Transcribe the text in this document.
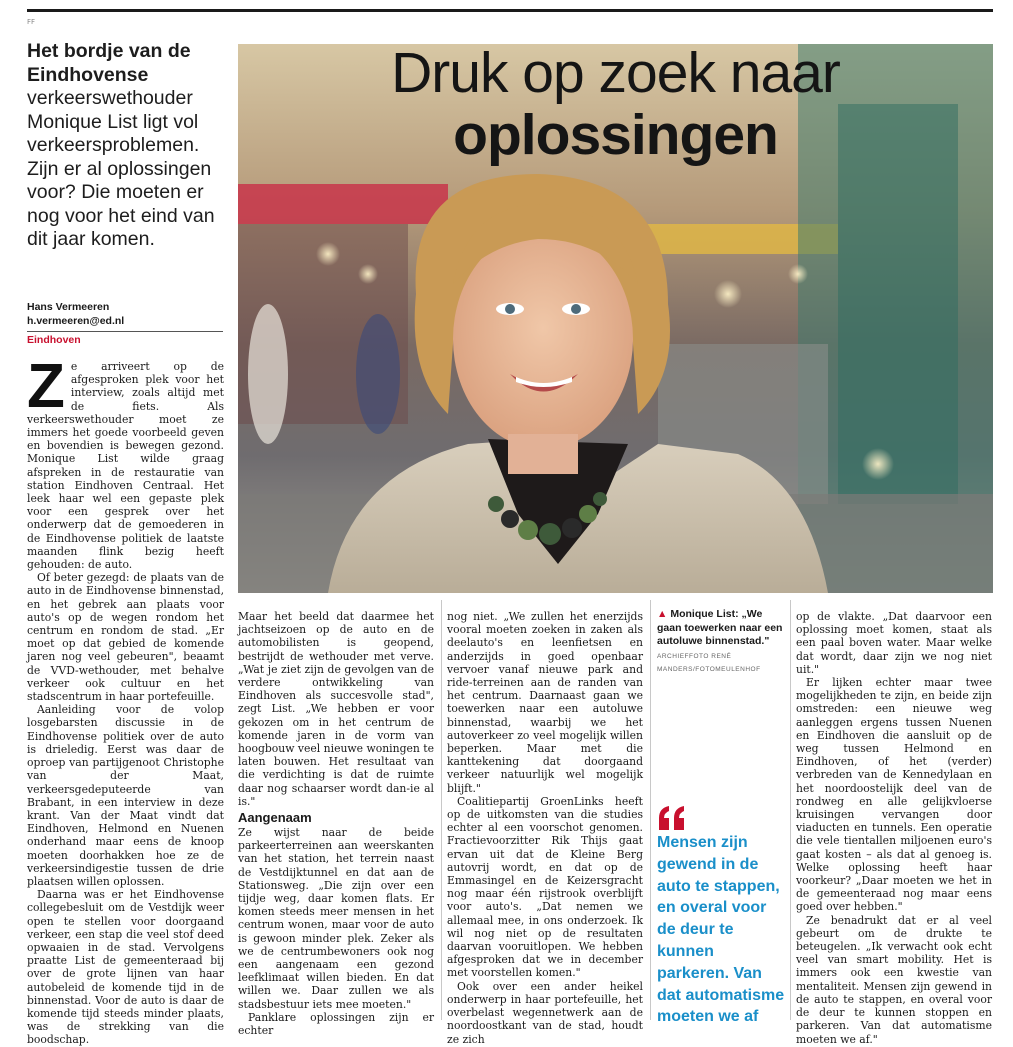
FF
Het bordje van de Eindhovense verkeerswethouder Monique List ligt vol verkeersproblemen. Zijn er al oplossingen voor? Die moeten er nog voor het eind van dit jaar komen.
Hans Vermeeren
h.vermeeren@ed.nl
Eindhoven

Ze arriveert op de afgesproken plek voor het interview, zoals altijd met de fiets. Als verkeerswethouder moet ze immers het goede voorbeeld geven en bovendien is bewegen gezond. Monique List wilde graag afspreken in de restauratie van station Eindhoven Centraal. Het leek haar wel een gepaste plek voor een gesprek over het onderwerp dat de gemoederen in de Eindhovense politiek de laatste maanden flink bezig heeft gehouden: de auto.

Of beter gezegd: de plaats van de auto in de Eindhovense binnenstad, en het gebrek aan plaats voor auto's op de wegen rondom het centrum en rondom de stad. „Er moet op dat gebied de komende jaren nog veel gebeuren", beaamt de VVD-wethouder, met behalve verkeer ook cultuur en het stadscentrum in haar portefeuille.

Aanleiding voor de volop losgebarsten discussie in de Eindhovense politiek over de auto is drieledig. Eerst was daar de oproep van partijgenoot Christophe van der Maat, verkeersgedeputeerde van Brabant, in een interview in deze krant. Van der Maat vindt dat Eindhoven, Helmond en Nuenen onderhand maar eens de knoop moeten doorhakken hoe ze de verkeersindigestie tussen de drie plaatsen willen oplossen.

Daarna was er het Eindhovense collegebesluit om de Vestdijk weer open te stellen voor doorgaand verkeer, een stap die veel stof deed opwaaien in de stad. Vervolgens praatte List de gemeenteraad bij over de grote lijnen van haar autobeleid de komende tijd in de binnenstad. Voor de auto is daar de komende tijd steeds minder plaats, was de strekking van die boodschap.

Druk op zoek naar
oplossingen

Maar het beeld dat daarmee het jachtseizoen op de auto en de automobilisten is geopend, bestrijdt de wethouder met verve. „Wat je ziet zijn de gevolgen van de verdere ontwikkeling van Eindhoven als succesvolle stad", zegt List. „We hebben er voor gekozen om in het centrum de komende jaren in de vorm van hoogbouw veel nieuwe woningen te laten bouwen. Het resultaat van die verdichting is dat de ruimte daar nog schaarser wordt dan-ie al is."

Aangenaam

Ze wijst naar de beide parkeerterreinen aan weerskanten van het station, het terrein naast de Vestdijktunnel en dat aan de Stationsweg. „Die zijn over een tijdje weg, daar komen flats. Er komen steeds meer mensen in het centrum wonen, maar voor de auto is gewoon minder plek. Zeker als we de centrumbewoners ook nog een aangenaam een gezond leefklimaat willen bieden. En dat willen we. Daar zullen we als stadsbestuur iets mee moeten."

Panklare oplossingen zijn er echter

nog niet. „We zullen het enerzijds vooral moeten zoeken in zaken als deelauto's en leenfietsen en anderzijds in goed openbaar vervoer vanaf nieuwe park and ride-terreinen aan de randen van het centrum. Daarnaast gaan we toewerken naar een autoluwe binnenstad, waarbij we het autoverkeer zo veel mogelijk willen beperken. Maar met die kanttekening dat doorgaand verkeer natuurlijk wel mogelijk blijft."

Coalitiepartij GroenLinks heeft op de uitkomsten van die studies echter al een voorschot genomen. Fractievoorzitter Rik Thijs gaat ervan uit dat de Kleine Berg autovrij wordt, en dat op de Emmasingel en de Keizersgracht nog maar één rijstrook overblijft voor auto's. „Dat nemen we allemaal mee, in ons onderzoek. Ik wil nog niet op de resultaten daarvan vooruitlopen. We hebben afgesproken dat we in december met voorstellen komen."

Ook over een ander heikel onderwerp in haar portefeuille, het overbelast wegennetwerk aan de noordoostkant van de stad, houdt ze zich

▲ Monique List: „We gaan toewerken naar een autoluwe binnenstad." ARCHIEFFOTO RENÉ MANDERS/FOTOMEULENHOF
Mensen zijn gewend in de auto te stappen, en overal voor de deur te kunnen parkeren. Van dat automatisme moeten we af

op de vlakte. „Dat daarvoor een oplossing moet komen, staat als een paal boven water. Maar welke dat wordt, daar zijn we nog niet uit."

Er lijken echter maar twee mogelijkheden te zijn, en beide zijn omstreden: een nieuwe weg aanleggen ergens tussen Nuenen en Eindhoven die aansluit op de weg tussen Helmond en Eindhoven, of het (verder) verbreden van de Kennedylaan en het noordoostelijk deel van de rondweg en alle gelijkvloerse kruisingen vervangen door viaducten en tunnels. Een operatie die vele tientallen miljoenen euro's gaat kosten – als dat al genoeg is. Welke oplossing heeft haar voorkeur? „Daar moeten we het in de gemeenteraad nog maar eens goed over hebben."

Ze benadrukt dat er al veel gebeurt om de drukte te beteugelen. „Ik verwacht ook echt veel van smart mobility. Het is immers ook een kwestie van mentaliteit. Mensen zijn gewend in de auto te stappen, en overal voor de deur te kunnen stoppen en parkeren. Van dat automatisme moeten we af."
